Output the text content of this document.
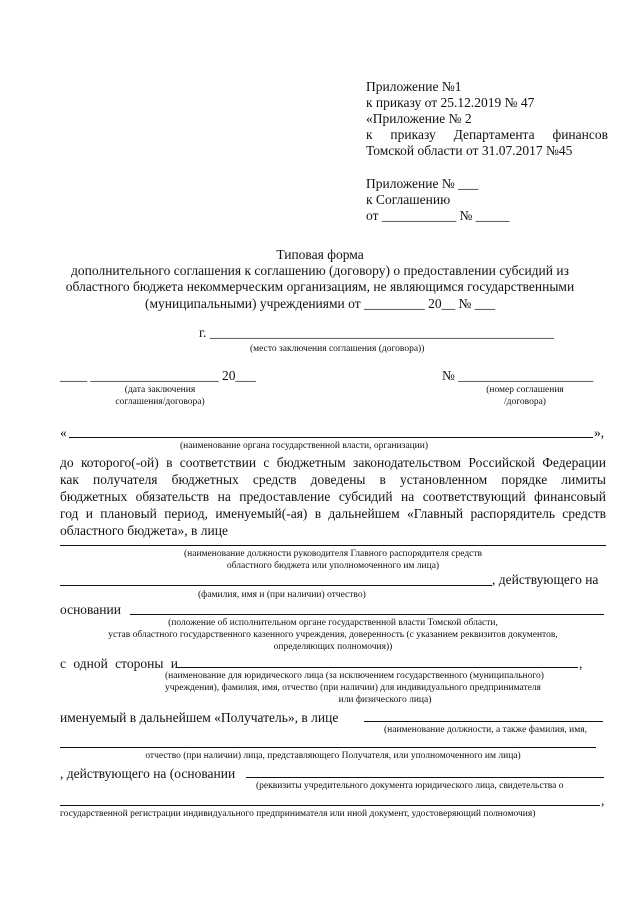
Приложение №1
к приказу от 25.12.2019 № 47
«Приложение № 2
к приказу Департамента финансов
Томской области от 31.07.2017 №45
Приложение № ___
к Соглашению
от ___________ № _____
Типовая форма
дополнительного соглашения к соглашению (договору) о предоставлении субсидий из
областного бюджета некоммерческим организациям, не являющимся государственными
(муниципальными) учреждениями от _________ 20__ № ___
г. ___________________________________________________
(место заключения соглашения (договора))
____ ___________________ 20___
(дата заключения
соглашения/договора)
№ ____________________
(номер соглашения
/договора)
«	»,
(наименование органа государственной власти, организации)
до которого(-ой) в соответствии с бюджетным законодательством Российской Федерации
как получателя бюджетных средств доведены в установленном порядке лимиты
бюджетных обязательств на предоставление субсидий на соответствующий финансовый
год и плановый период, именуемый(-ая) в дальнейшем «Главный распорядитель средств
областного бюджета», в лице
(наименование должности руководителя Главного распорядителя средств
областного бюджета или уполномоченного им лица)
, действующего на
(фамилия, имя и (при наличии) отчество)
основании
(положение об исполнительном органе государственной власти Томской области,
устав областного государственного казенного учреждения, доверенность (с указанием реквизитов документов,
определяющих полномочия))
с одной стороны и	,
(наименование для юридического лица (за исключением государственного (муниципального)
учреждения), фамилия, имя, отчество (при наличии) для индивидуального предпринимателя
или физического лица)
именуемый в дальнейшем «Получатель», в лице
(наименование должности, а также фамилия, имя,
отчество (при наличии) лица, представляющего Получателя, или уполномоченного им лица)
, действующего на (основании
(реквизиты учредительного документа юридического лица, свидетельства о
,
государственной регистрации индивидуального предпринимателя или иной документ, удостоверяющий полномочия)
